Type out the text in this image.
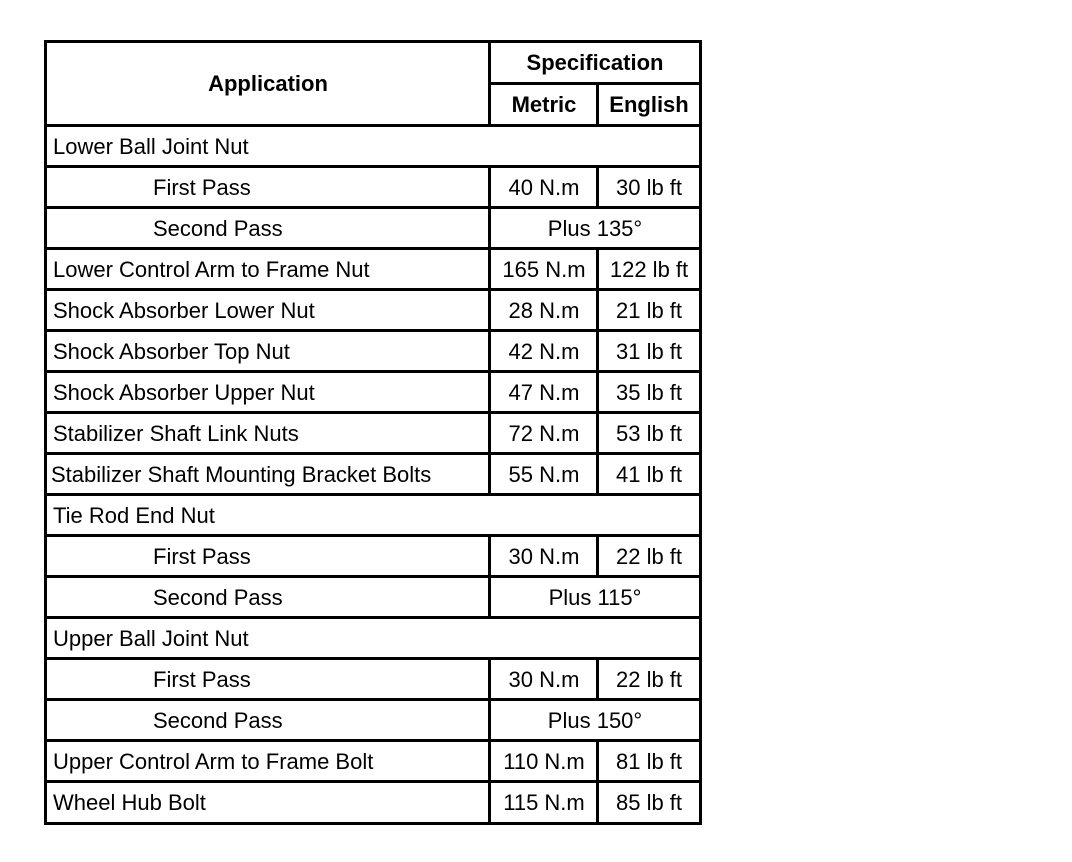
Application	Specification	
	Metric	English
Lower Ball Joint Nut		
First Pass	40 N.m	30 lb ft
Second Pass	Plus 135°	
Lower Control Arm to Frame Nut	165 N.m	122 lb ft
Shock Absorber Lower Nut	28 N.m	21 lb ft
Shock Absorber Top Nut	42 N.m	31 lb ft
Shock Absorber Upper Nut	47 N.m	35 lb ft
Stabilizer Shaft Link Nuts	72 N.m	53 lb ft
Stabilizer Shaft Mounting Bracket Bolts	55 N.m	41 lb ft
Tie Rod End Nut		
First Pass	30 N.m	22 lb ft
Second Pass	Plus 115°	
Upper Ball Joint Nut		
First Pass	30 N.m	22 lb ft
Second Pass	Plus 150°	
Upper Control Arm to Frame Bolt	110 N.m	81 lb ft
Wheel Hub Bolt	115 N.m	85 lb ft
